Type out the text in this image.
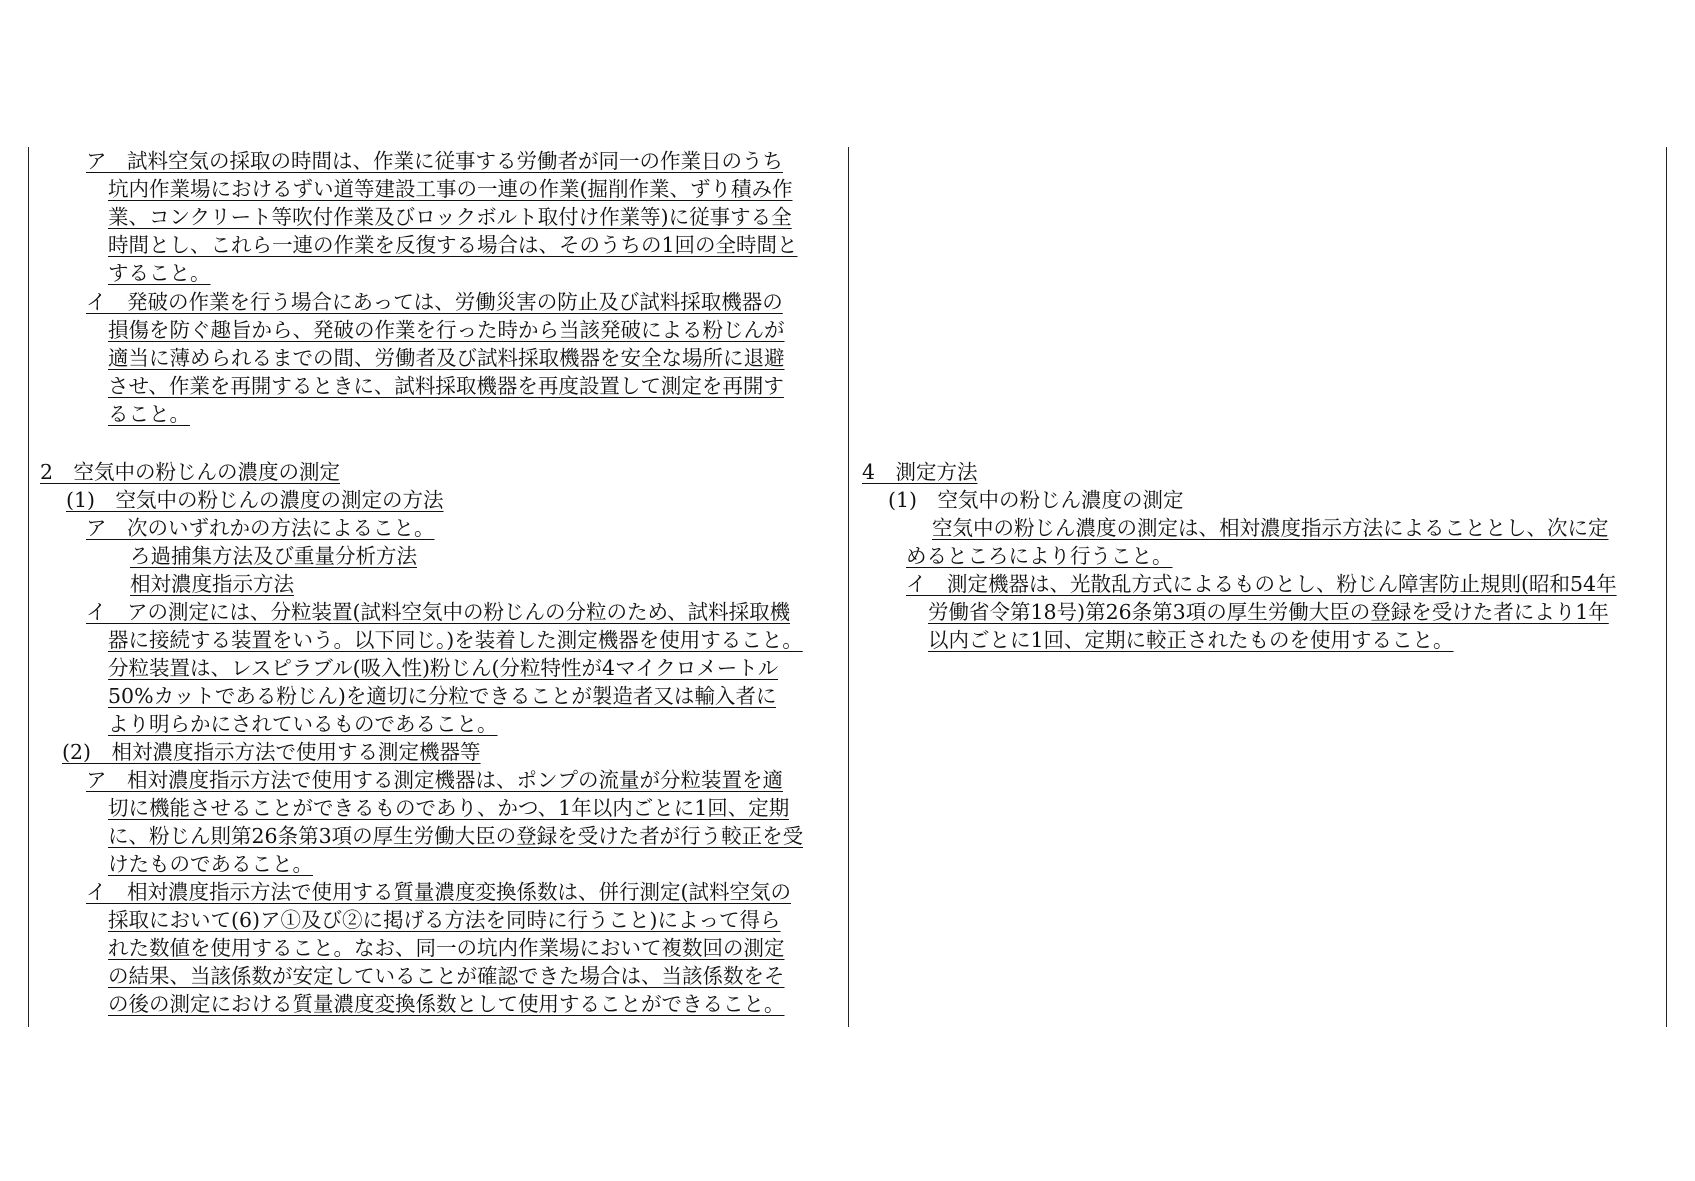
ア　試料空気の採取の時間は、作業に従事する労働者が同一の作業日のうち
坑内作業場におけるずい道等建設工事の一連の作業(掘削作業、ずり積み作
業、コンクリート等吹付作業及びロックボルト取付け作業等)に従事する全
時間とし、これら一連の作業を反復する場合は、そのうちの1回の全時間と
すること。
イ　発破の作業を行う場合にあっては、労働災害の防止及び試料採取機器の
損傷を防ぐ趣旨から、発破の作業を行った時から当該発破による粉じんが
適当に薄められるまでの間、労働者及び試料採取機器を安全な場所に退避
させ、作業を再開するときに、試料採取機器を再度設置して測定を再開す
ること。
2　空気中の粉じんの濃度の測定
(1)　空気中の粉じんの濃度の測定の方法
ア　次のいずれかの方法によること。
ろ過捕集方法及び重量分析方法
相対濃度指示方法
イ　アの測定には、分粒装置(試料空気中の粉じんの分粒のため、試料採取機
器に接続する装置をいう。以下同じ。)を装着した測定機器を使用すること。
分粒装置は、レスピラブル(吸入性)粉じん(分粒特性が4マイクロメートル
50%カットである粉じん)を適切に分粒できることが製造者又は輸入者に
より明らかにされているものであること。
(2)　相対濃度指示方法で使用する測定機器等
ア　相対濃度指示方法で使用する測定機器は、ポンプの流量が分粒装置を適
切に機能させることができるものであり、かつ、1年以内ごとに1回、定期
に、粉じん則第26条第3項の厚生労働大臣の登録を受けた者が行う較正を受
けたものであること。
イ　相対濃度指示方法で使用する質量濃度変換係数は、併行測定(試料空気の
採取において(6)ア①及び②に掲げる方法を同時に行うこと)によって得ら
れた数値を使用すること。なお、同一の坑内作業場において複数回の測定
の結果、当該係数が安定していることが確認できた場合は、当該係数をそ
の後の測定における質量濃度変換係数として使用することができること。
4　測定方法
(1)　空気中の粉じん濃度の測定
空気中の粉じん濃度の測定は、相対濃度指示方法によることとし、次に定
めるところにより行うこと。
イ　測定機器は、光散乱方式によるものとし、粉じん障害防止規則(昭和54年
労働省令第18号)第26条第3項の厚生労働大臣の登録を受けた者により1年
以内ごとに1回、定期に較正されたものを使用すること。
